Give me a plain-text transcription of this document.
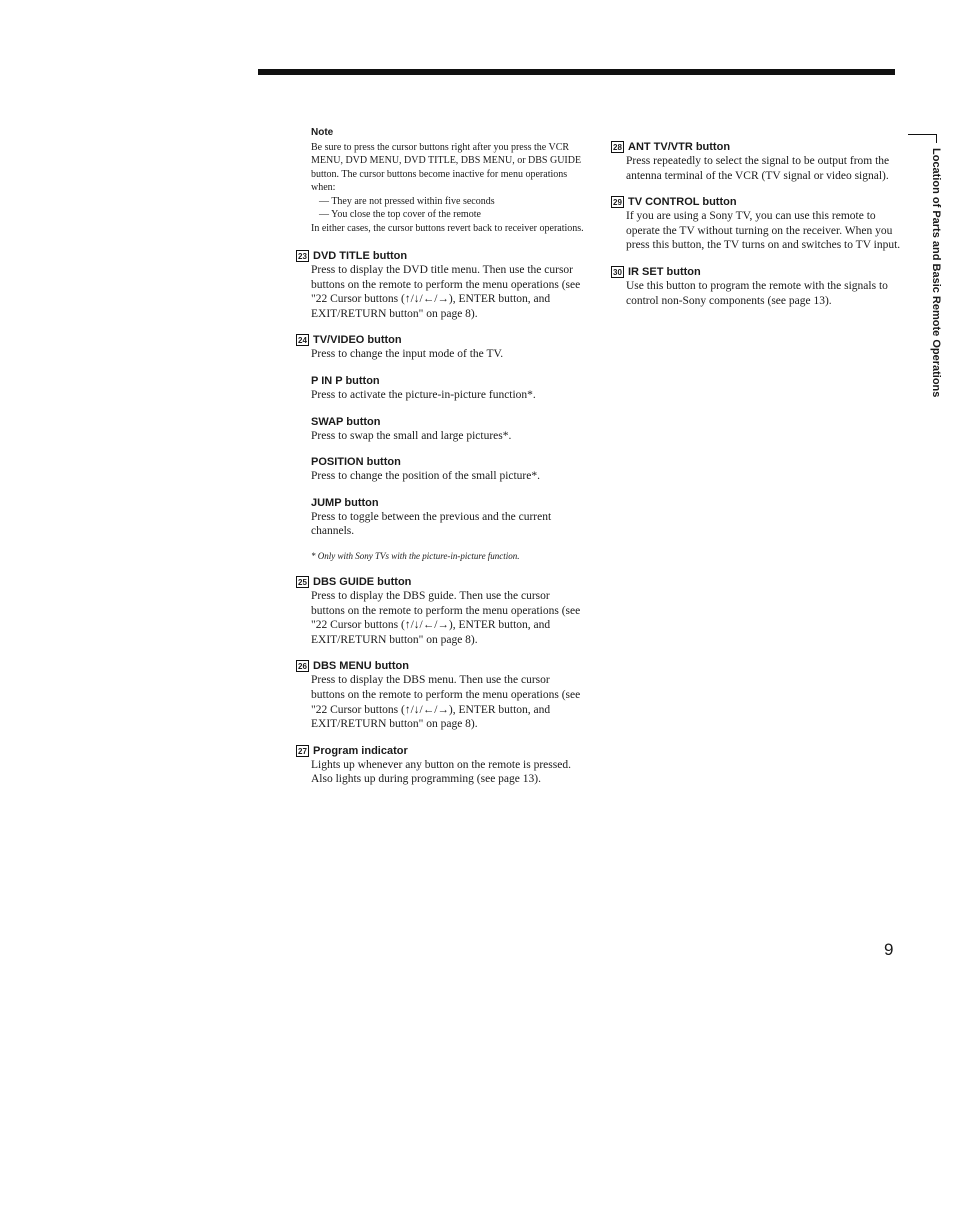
Note
Be sure to press the cursor buttons right after you press the VCR MENU, DVD MENU, DVD TITLE, DBS MENU, or DBS GUIDE button. The cursor buttons become inactive for menu operations when:
— They are not pressed within five seconds
— You close the top cover of the remote
In either cases, the cursor buttons revert back to receiver operations.
23 DVD TITLE button
Press to display the DVD title menu. Then use the cursor buttons on the remote to perform the menu operations (see "22 Cursor buttons (↑/↓/←/→), ENTER button, and EXIT/RETURN button" on page 8).
24 TV/VIDEO button
Press to change the input mode of the TV.
P IN P button
Press to activate the picture-in-picture function*.
SWAP button
Press to swap the small and large pictures*.
POSITION button
Press to change the position of the small picture*.
JUMP button
Press to toggle between the previous and the current channels.
* Only with Sony TVs with the picture-in-picture function.
25 DBS GUIDE button
Press to display the DBS guide. Then use the cursor buttons on the remote to perform the menu operations (see "22 Cursor buttons (↑/↓/←/→), ENTER button, and EXIT/RETURN button" on page 8).
26 DBS MENU button
Press to display the DBS menu. Then use the cursor buttons on the remote to perform the menu operations (see "22 Cursor buttons (↑/↓/←/→), ENTER button, and EXIT/RETURN button" on page 8).
27 Program indicator
Lights up whenever any button on the remote is pressed. Also lights up during programming (see page 13).
28 ANT TV/VTR button
Press repeatedly to select the signal to be output from the antenna terminal of the VCR (TV signal or video signal).
29 TV CONTROL button
If you are using a Sony TV, you can use this remote to operate the TV without turning on the receiver. When you press this button, the TV turns on and switches to TV input.
30 IR SET button
Use this button to program the remote with the signals to control non-Sony components (see page 13).	Location of Parts and Basic Remote Operations
9
